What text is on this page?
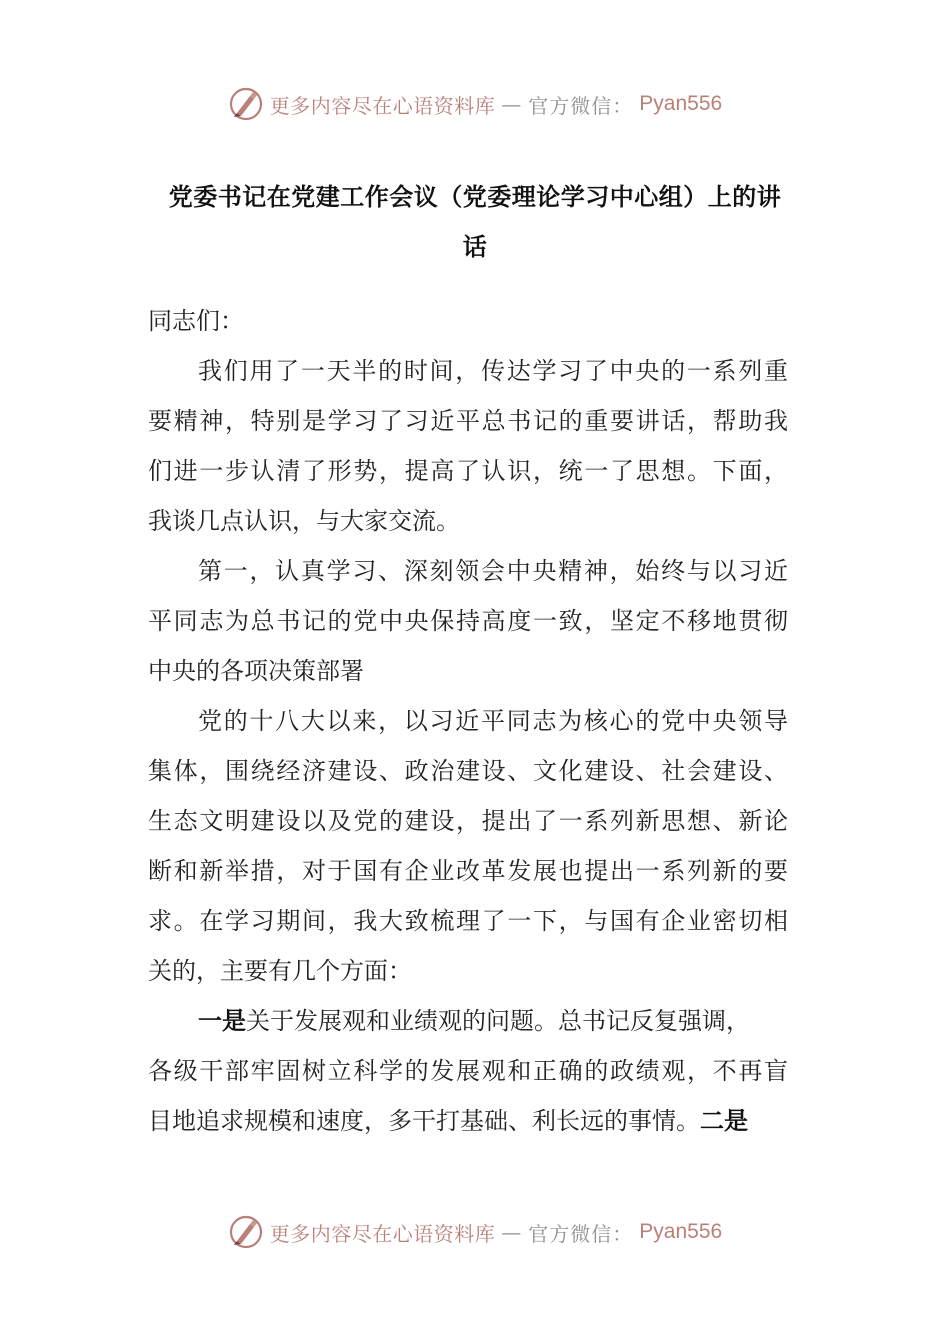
更多内容尽在心语资料库 — 官方微信： Pyan556
党委书记在党建工作会议（党委理论学习中心组）上的讲
话
同志们：
我们用了一天半的时间，传达学习了中央的一系列重
要精神，特别是学习了习近平总书记的重要讲话，帮助我
们进一步认清了形势，提高了认识，统一了思想。下面，
我谈几点认识，与大家交流。
第一，认真学习、深刻领会中央精神，始终与以习近
平同志为总书记的党中央保持高度一致，坚定不移地贯彻
中央的各项决策部署
党的十八大以来，以习近平同志为核心的党中央领导
集体，围绕经济建设、政治建设、文化建设、社会建设、
生态文明建设以及党的建设，提出了一系列新思想、新论
断和新举措，对于国有企业改革发展也提出一系列新的要
求。在学习期间，我大致梳理了一下，与国有企业密切相
关的，主要有几个方面：
一是关于发展观和业绩观的问题。总书记反复强调，
各级干部牢固树立科学的发展观和正确的政绩观，不再盲
目地追求规模和速度，多干打基础、利长远的事情。二是
更多内容尽在心语资料库 — 官方微信： Pyan556
